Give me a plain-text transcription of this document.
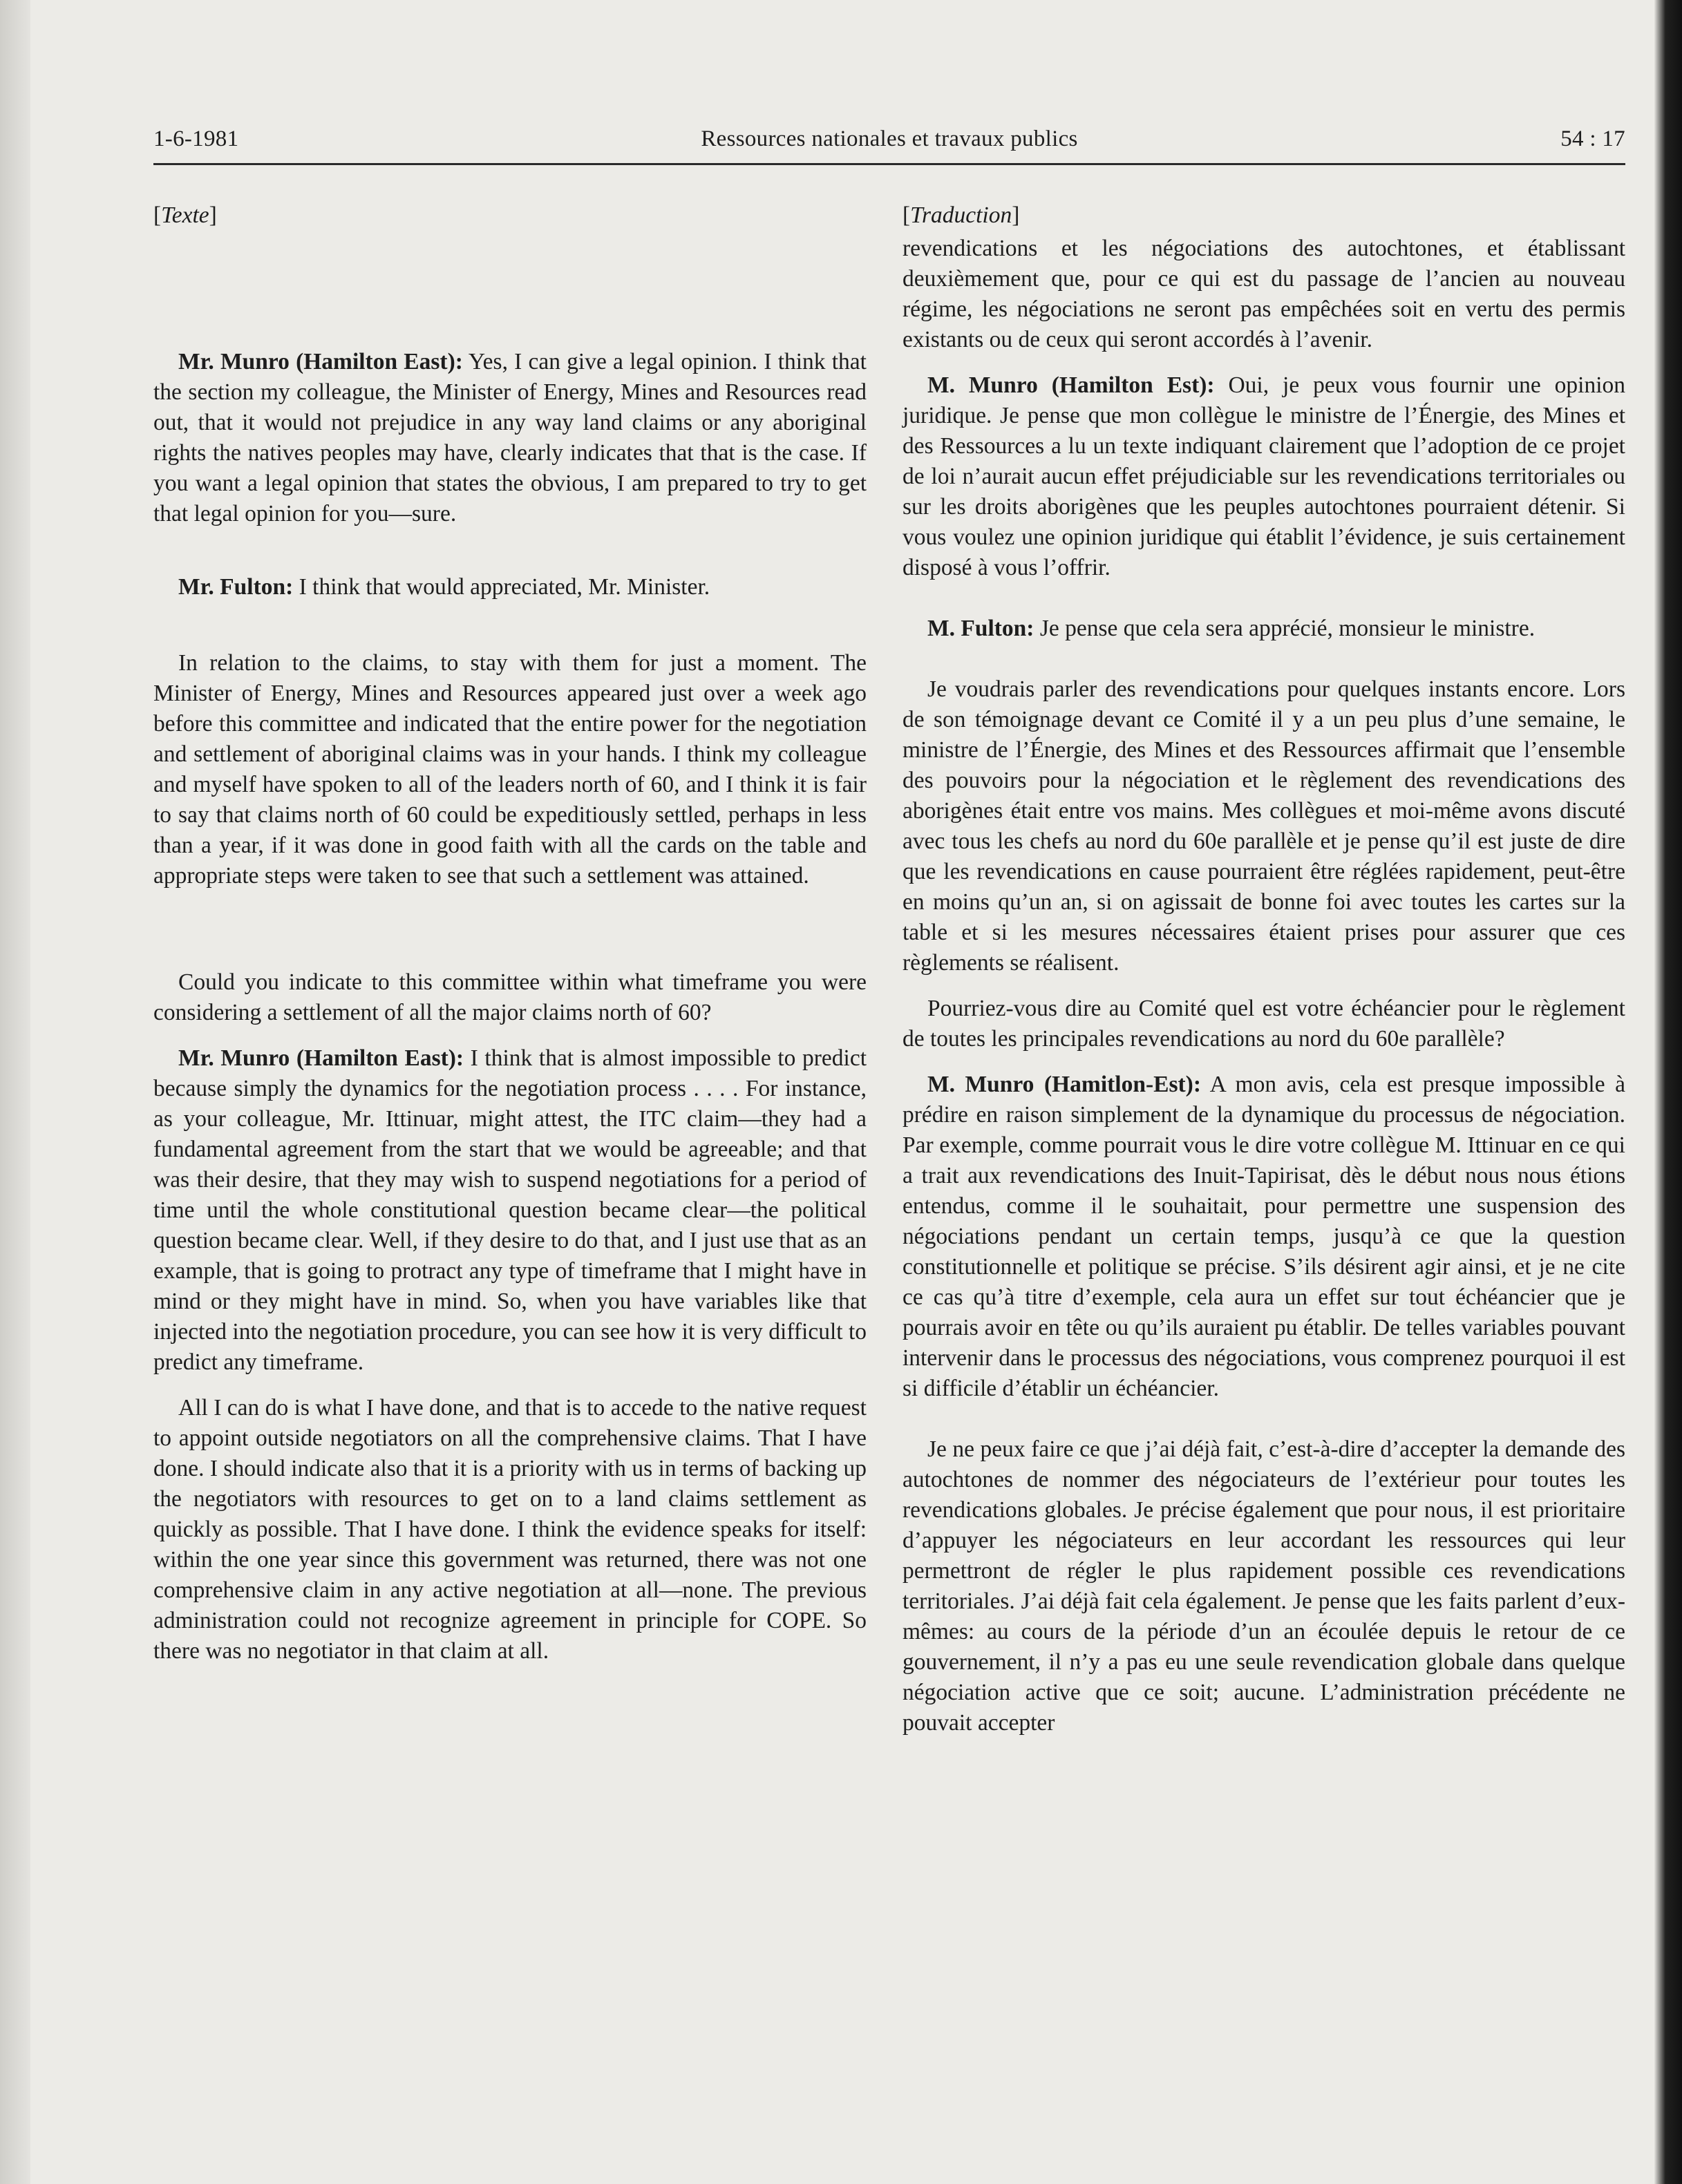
1-6-1981	Ressources nationales et travaux publics	54 : 17
[Texte]

Mr. Munro (Hamilton East): Yes, I can give a legal opinion. I think that the section my colleague, the Minister of Energy, Mines and Resources read out, that it would not prejudice in any way land claims or any aboriginal rights the natives peoples may have, clearly indicates that that is the case. If you want a legal opinion that states the obvious, I am prepared to try to get that legal opinion for you—sure.

Mr. Fulton: I think that would appreciated, Mr. Minister.

In relation to the claims, to stay with them for just a moment. The Minister of Energy, Mines and Resources appeared just over a week ago before this committee and indicated that the entire power for the negotiation and settlement of aboriginal claims was in your hands. I think my colleague and myself have spoken to all of the leaders north of 60, and I think it is fair to say that claims north of 60 could be expeditiously settled, perhaps in less than a year, if it was done in good faith with all the cards on the table and appropriate steps were taken to see that such a settlement was attained.

Could you indicate to this committee within what timeframe you were considering a settlement of all the major claims north of 60?

Mr. Munro (Hamilton East): I think that is almost impossible to predict because simply the dynamics for the negotiation process . . . . For instance, as your colleague, Mr. Ittinuar, might attest, the ITC claim—they had a fundamental agreement from the start that we would be agreeable; and that was their desire, that they may wish to suspend negotiations for a period of time until the whole constitutional question became clear—the political question became clear. Well, if they desire to do that, and I just use that as an example, that is going to protract any type of timeframe that I might have in mind or they might have in mind. So, when you have variables like that injected into the negotiation procedure, you can see how it is very difficult to predict any timeframe.

All I can do is what I have done, and that is to accede to the native request to appoint outside negotiators on all the comprehensive claims. That I have done. I should indicate also that it is a priority with us in terms of backing up the negotiators with resources to get on to a land claims settlement as quickly as possible. That I have done. I think the evidence speaks for itself: within the one year since this government was returned, there was not one comprehensive claim in any active negotiation at all—none. The previous administration could not recognize agreement in principle for COPE. So there was no negotiator in that claim at all.

[Traduction]

revendications et les négociations des autochtones, et établissant deuxièmement que, pour ce qui est du passage de l’ancien au nouveau régime, les négociations ne seront pas empêchées soit en vertu des permis existants ou de ceux qui seront accordés à l’avenir.

M. Munro (Hamilton Est): Oui, je peux vous fournir une opinion juridique. Je pense que mon collègue le ministre de l’Énergie, des Mines et des Ressources a lu un texte indiquant clairement que l’adoption de ce projet de loi n’aurait aucun effet préjudiciable sur les revendications territoriales ou sur les droits aborigènes que les peuples autochtones pourraient détenir. Si vous voulez une opinion juridique qui établit l’évidence, je suis certainement disposé à vous l’offrir.

M. Fulton: Je pense que cela sera apprécié, monsieur le ministre.

Je voudrais parler des revendications pour quelques instants encore. Lors de son témoignage devant ce Comité il y a un peu plus d’une semaine, le ministre de l’Énergie, des Mines et des Ressources affirmait que l’ensemble des pouvoirs pour la négociation et le règlement des revendications des aborigènes était entre vos mains. Mes collègues et moi-même avons discuté avec tous les chefs au nord du 60e parallèle et je pense qu’il est juste de dire que les revendications en cause pourraient être réglées rapidement, peut-être en moins qu’un an, si on agissait de bonne foi avec toutes les cartes sur la table et si les mesures nécessaires étaient prises pour assurer que ces règlements se réalisent.

Pourriez-vous dire au Comité quel est votre échéancier pour le règlement de toutes les principales revendications au nord du 60e parallèle?

M. Munro (Hamitlon-Est): A mon avis, cela est presque impossible à prédire en raison simplement de la dynamique du processus de négociation. Par exemple, comme pourrait vous le dire votre collègue M. Ittinuar en ce qui a trait aux revendications des Inuit-Tapirisat, dès le début nous nous étions entendus, comme il le souhaitait, pour permettre une suspension des négociations pendant un certain temps, jusqu’à ce que la question constitutionnelle et politique se précise. S’ils désirent agir ainsi, et je ne cite ce cas qu’à titre d’exemple, cela aura un effet sur tout échéancier que je pourrais avoir en tête ou qu’ils auraient pu établir. De telles variables pouvant intervenir dans le processus des négociations, vous comprenez pourquoi il est si difficile d’établir un échéancier.

Je ne peux faire ce que j’ai déjà fait, c’est-à-dire d’accepter la demande des autochtones de nommer des négociateurs de l’extérieur pour toutes les revendications globales. Je précise également que pour nous, il est prioritaire d’appuyer les négociateurs en leur accordant les ressources qui leur permettront de régler le plus rapidement possible ces revendications territoriales. J’ai déjà fait cela également. Je pense que les faits parlent d’eux-mêmes: au cours de la période d’un an écoulée depuis le retour de ce gouvernement, il n’y a pas eu une seule revendication globale dans quelque négociation active que ce soit; aucune. L’administration précédente ne pouvait accepter
